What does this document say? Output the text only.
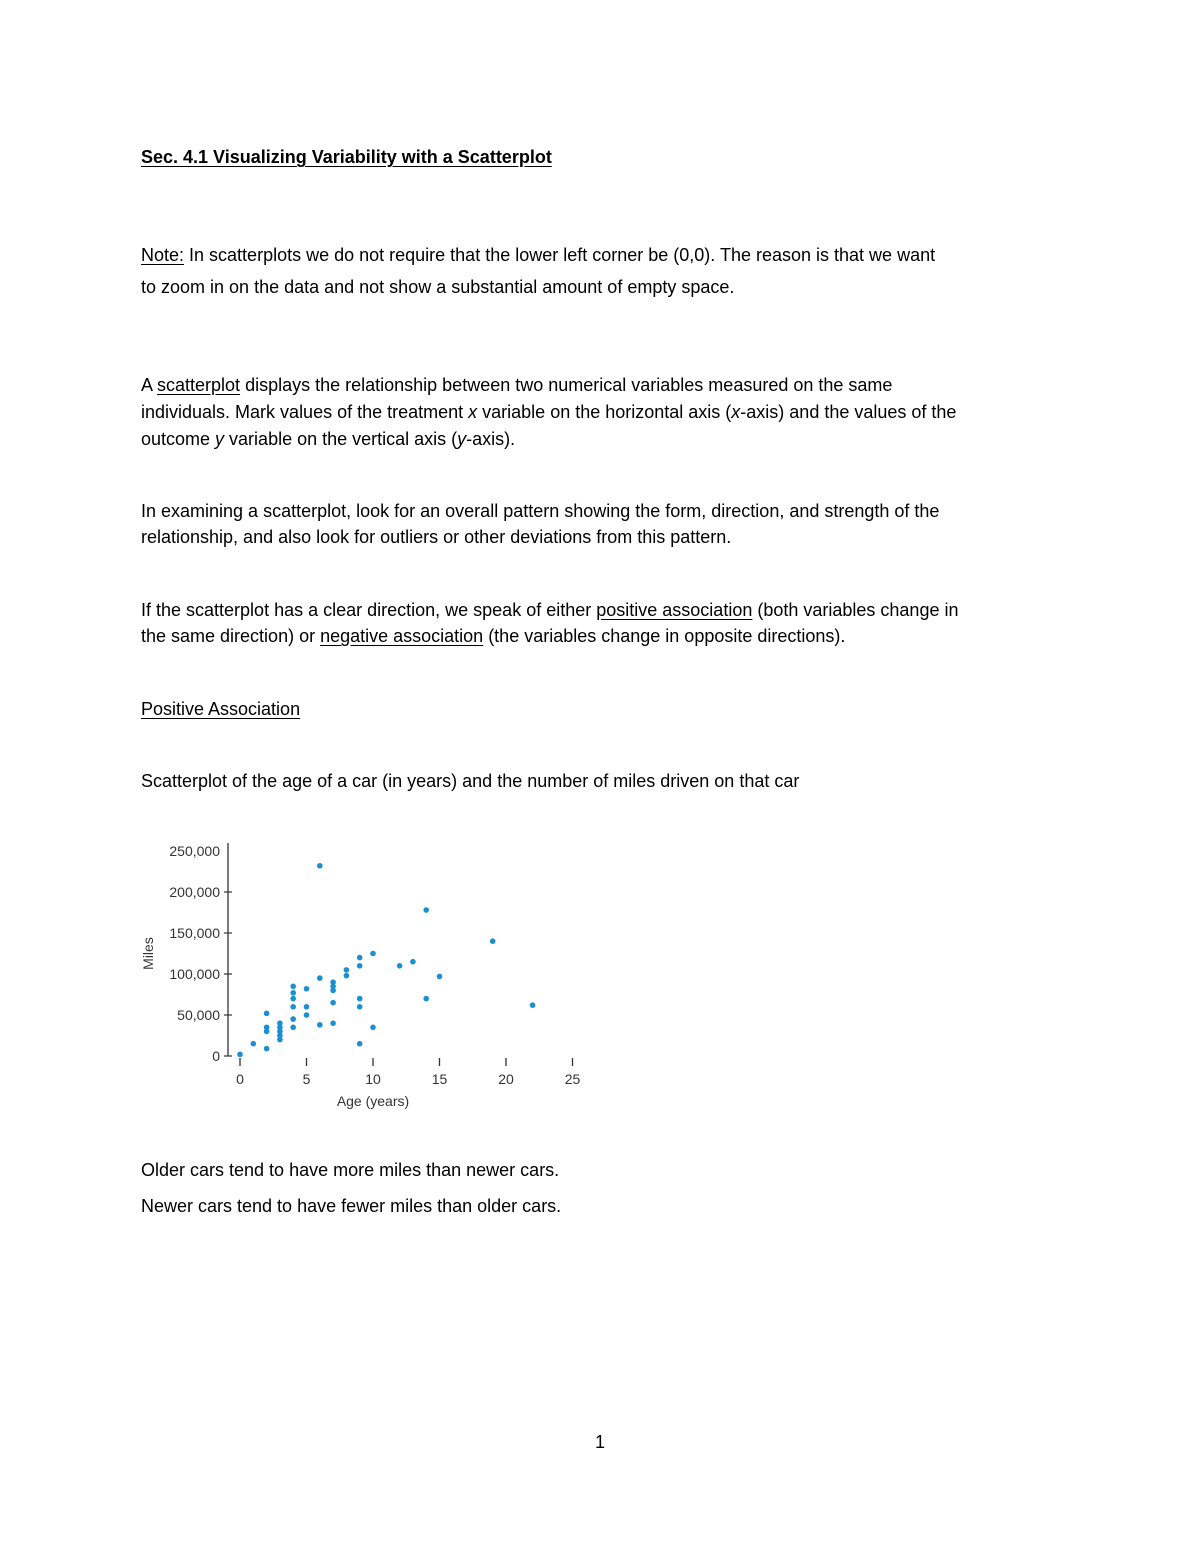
Sec. 4.1 Visualizing Variability with a Scatterplot

Note: In scatterplots we do not require that the lower left corner be (0,0). The reason is that we want

to zoom in on the data and not show a substantial amount of empty space.

A scatterplot displays the relationship between two numerical variables measured on the same

individuals. Mark values of the treatment x variable on the horizontal axis (x-axis) and the values of the

outcome y variable on the vertical axis (y-axis).

In examining a scatterplot, look for an overall pattern showing the form, direction, and strength of the

relationship, and also look for outliers or other deviations from this pattern.

If the scatterplot has a clear direction, we speak of either positive association (both variables change in

the same direction) or negative association (the variables change in opposite directions).

Positive Association

Scatterplot of the age of a car (in years) and the number of miles driven on that car

0
50,000
100,000
150,000
200,000
250,000
0	5	10	15	20	25
Age (years)
Miles

Older cars tend to have more miles than newer cars.

Newer cars tend to have fewer miles than older cars.

1
